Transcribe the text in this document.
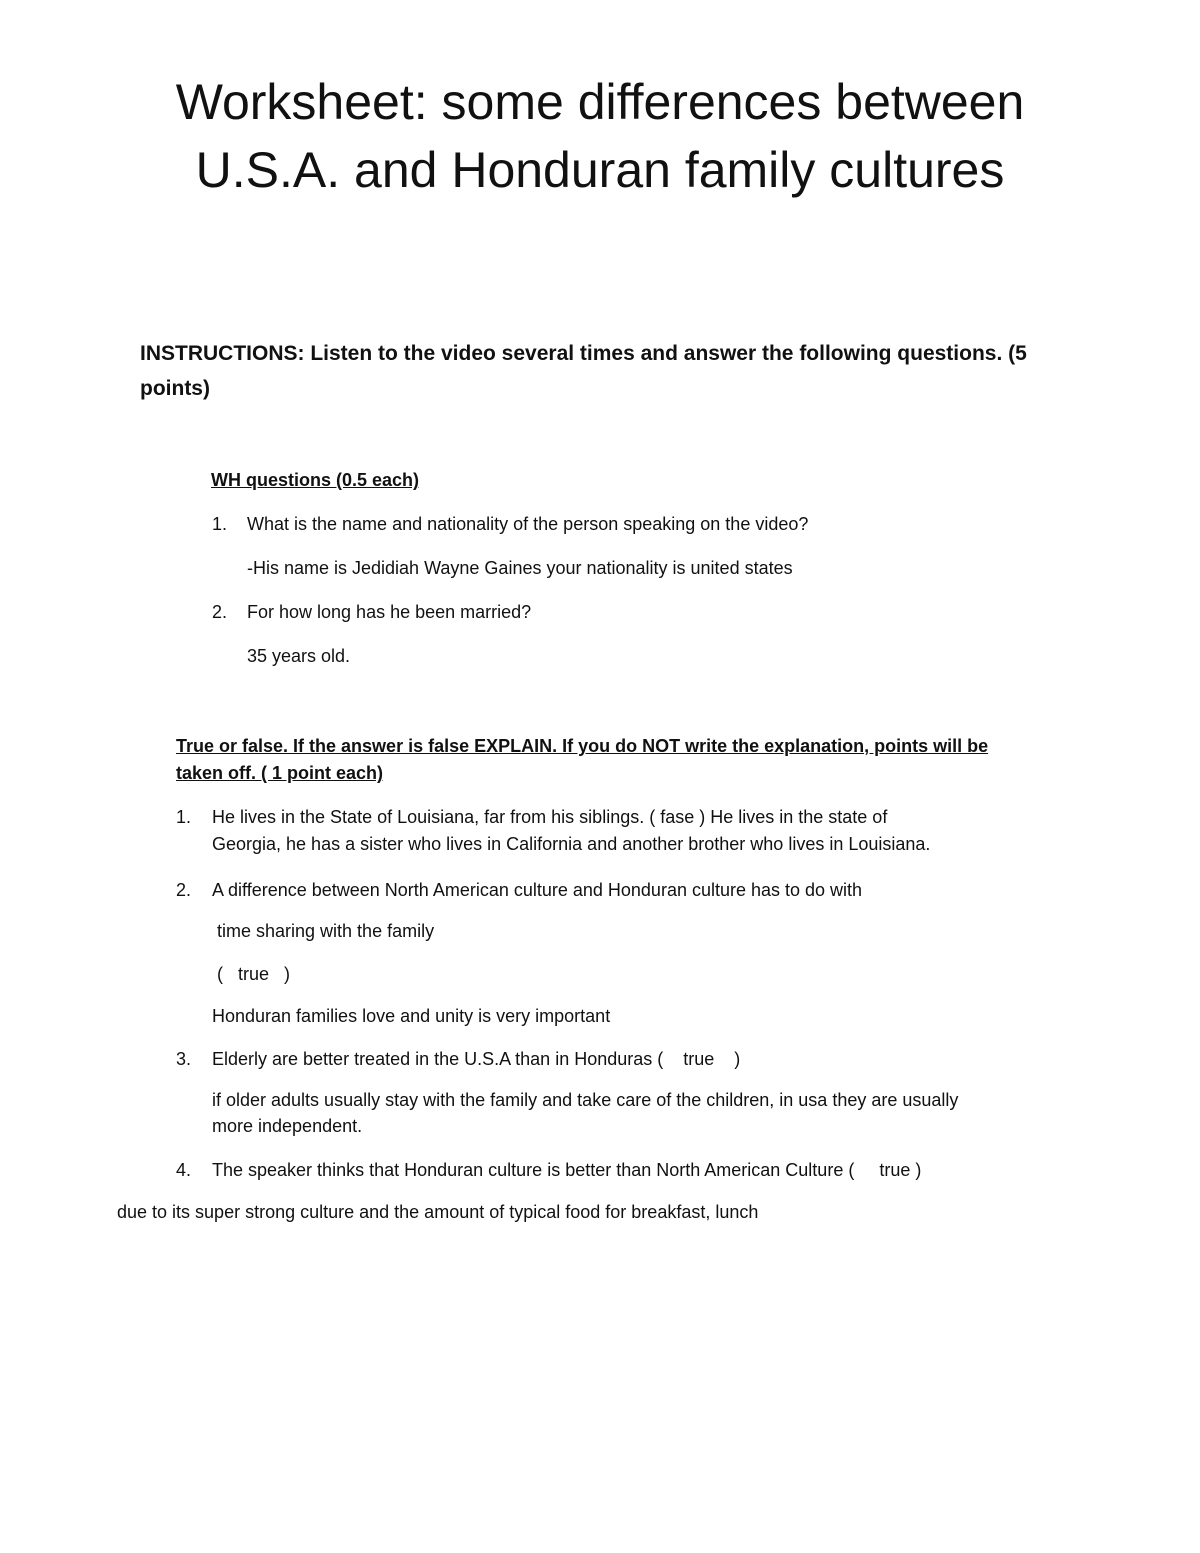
Worksheet: some differences between U.S.A. and Honduran family cultures
INSTRUCTIONS: Listen to the video several times and answer the following questions. (5 points)
WH questions (0.5 each)
1. What is the name and nationality of the person speaking on the video?
-His name is Jedidiah Wayne Gaines your nationality is united states
2. For how long has he been married?
35 years old.
True or false. If the answer is false EXPLAIN. If you do NOT write the explanation, points will be
taken off. ( 1 point each)
1. He lives in the State of Louisiana, far from his siblings. ( fase ) He lives in the state of
Georgia, he has a sister who lives in California and another brother who lives in Louisiana.
2. A difference between North American culture and Honduran culture has to do with
time sharing with the family
(   true   )
Honduran families love and unity is very important
3. Elderly are better treated in the U.S.A than in Honduras (    true    )
if older adults usually stay with the family and take care of the children, in usa they are usually
more independent.
4. The speaker thinks that Honduran culture is better than North American Culture (     true )
due to its super strong culture and the amount of typical food for breakfast, lunch
